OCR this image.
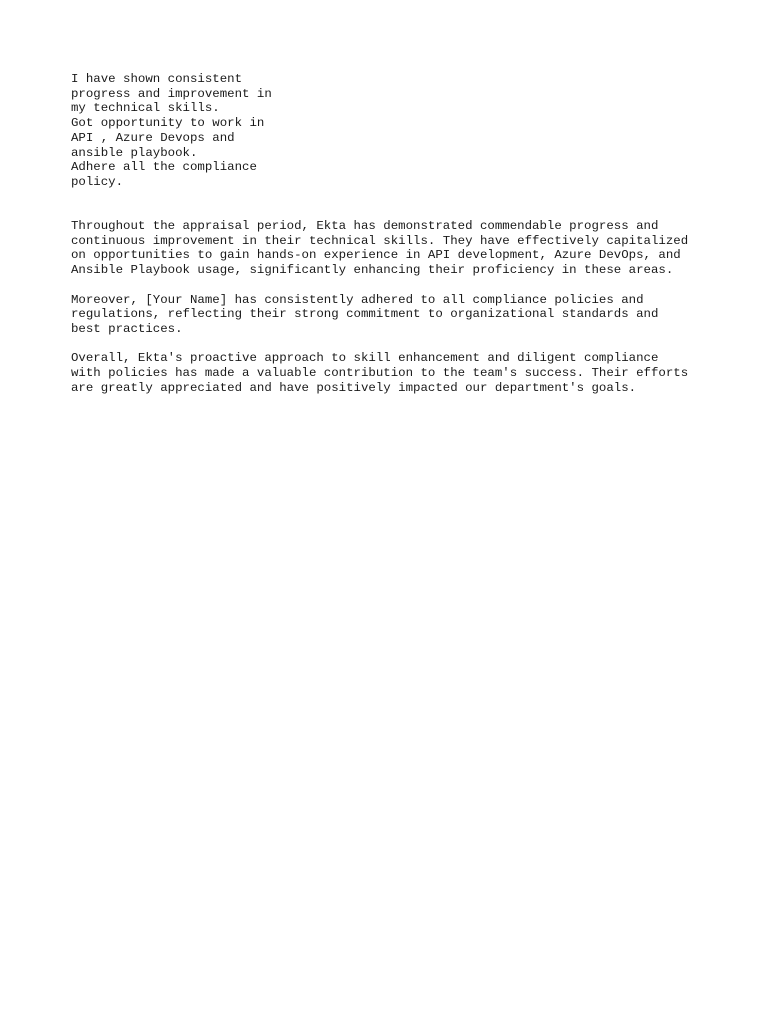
I have shown consistent
progress and improvement in
my technical skills.
Got opportunity to work in
API , Azure Devops and
ansible playbook.
Adhere all the compliance
policy.

Throughout the appraisal period, Ekta has demonstrated commendable progress and
continuous improvement in their technical skills. They have effectively capitalized
on opportunities to gain hands-on experience in API development, Azure DevOps, and
Ansible Playbook usage, significantly enhancing their proficiency in these areas.

Moreover, [Your Name] has consistently adhered to all compliance policies and
regulations, reflecting their strong commitment to organizational standards and
best practices.

Overall, Ekta's proactive approach to skill enhancement and diligent compliance
with policies has made a valuable contribution to the team's success. Their efforts
are greatly appreciated and have positively impacted our department's goals.
